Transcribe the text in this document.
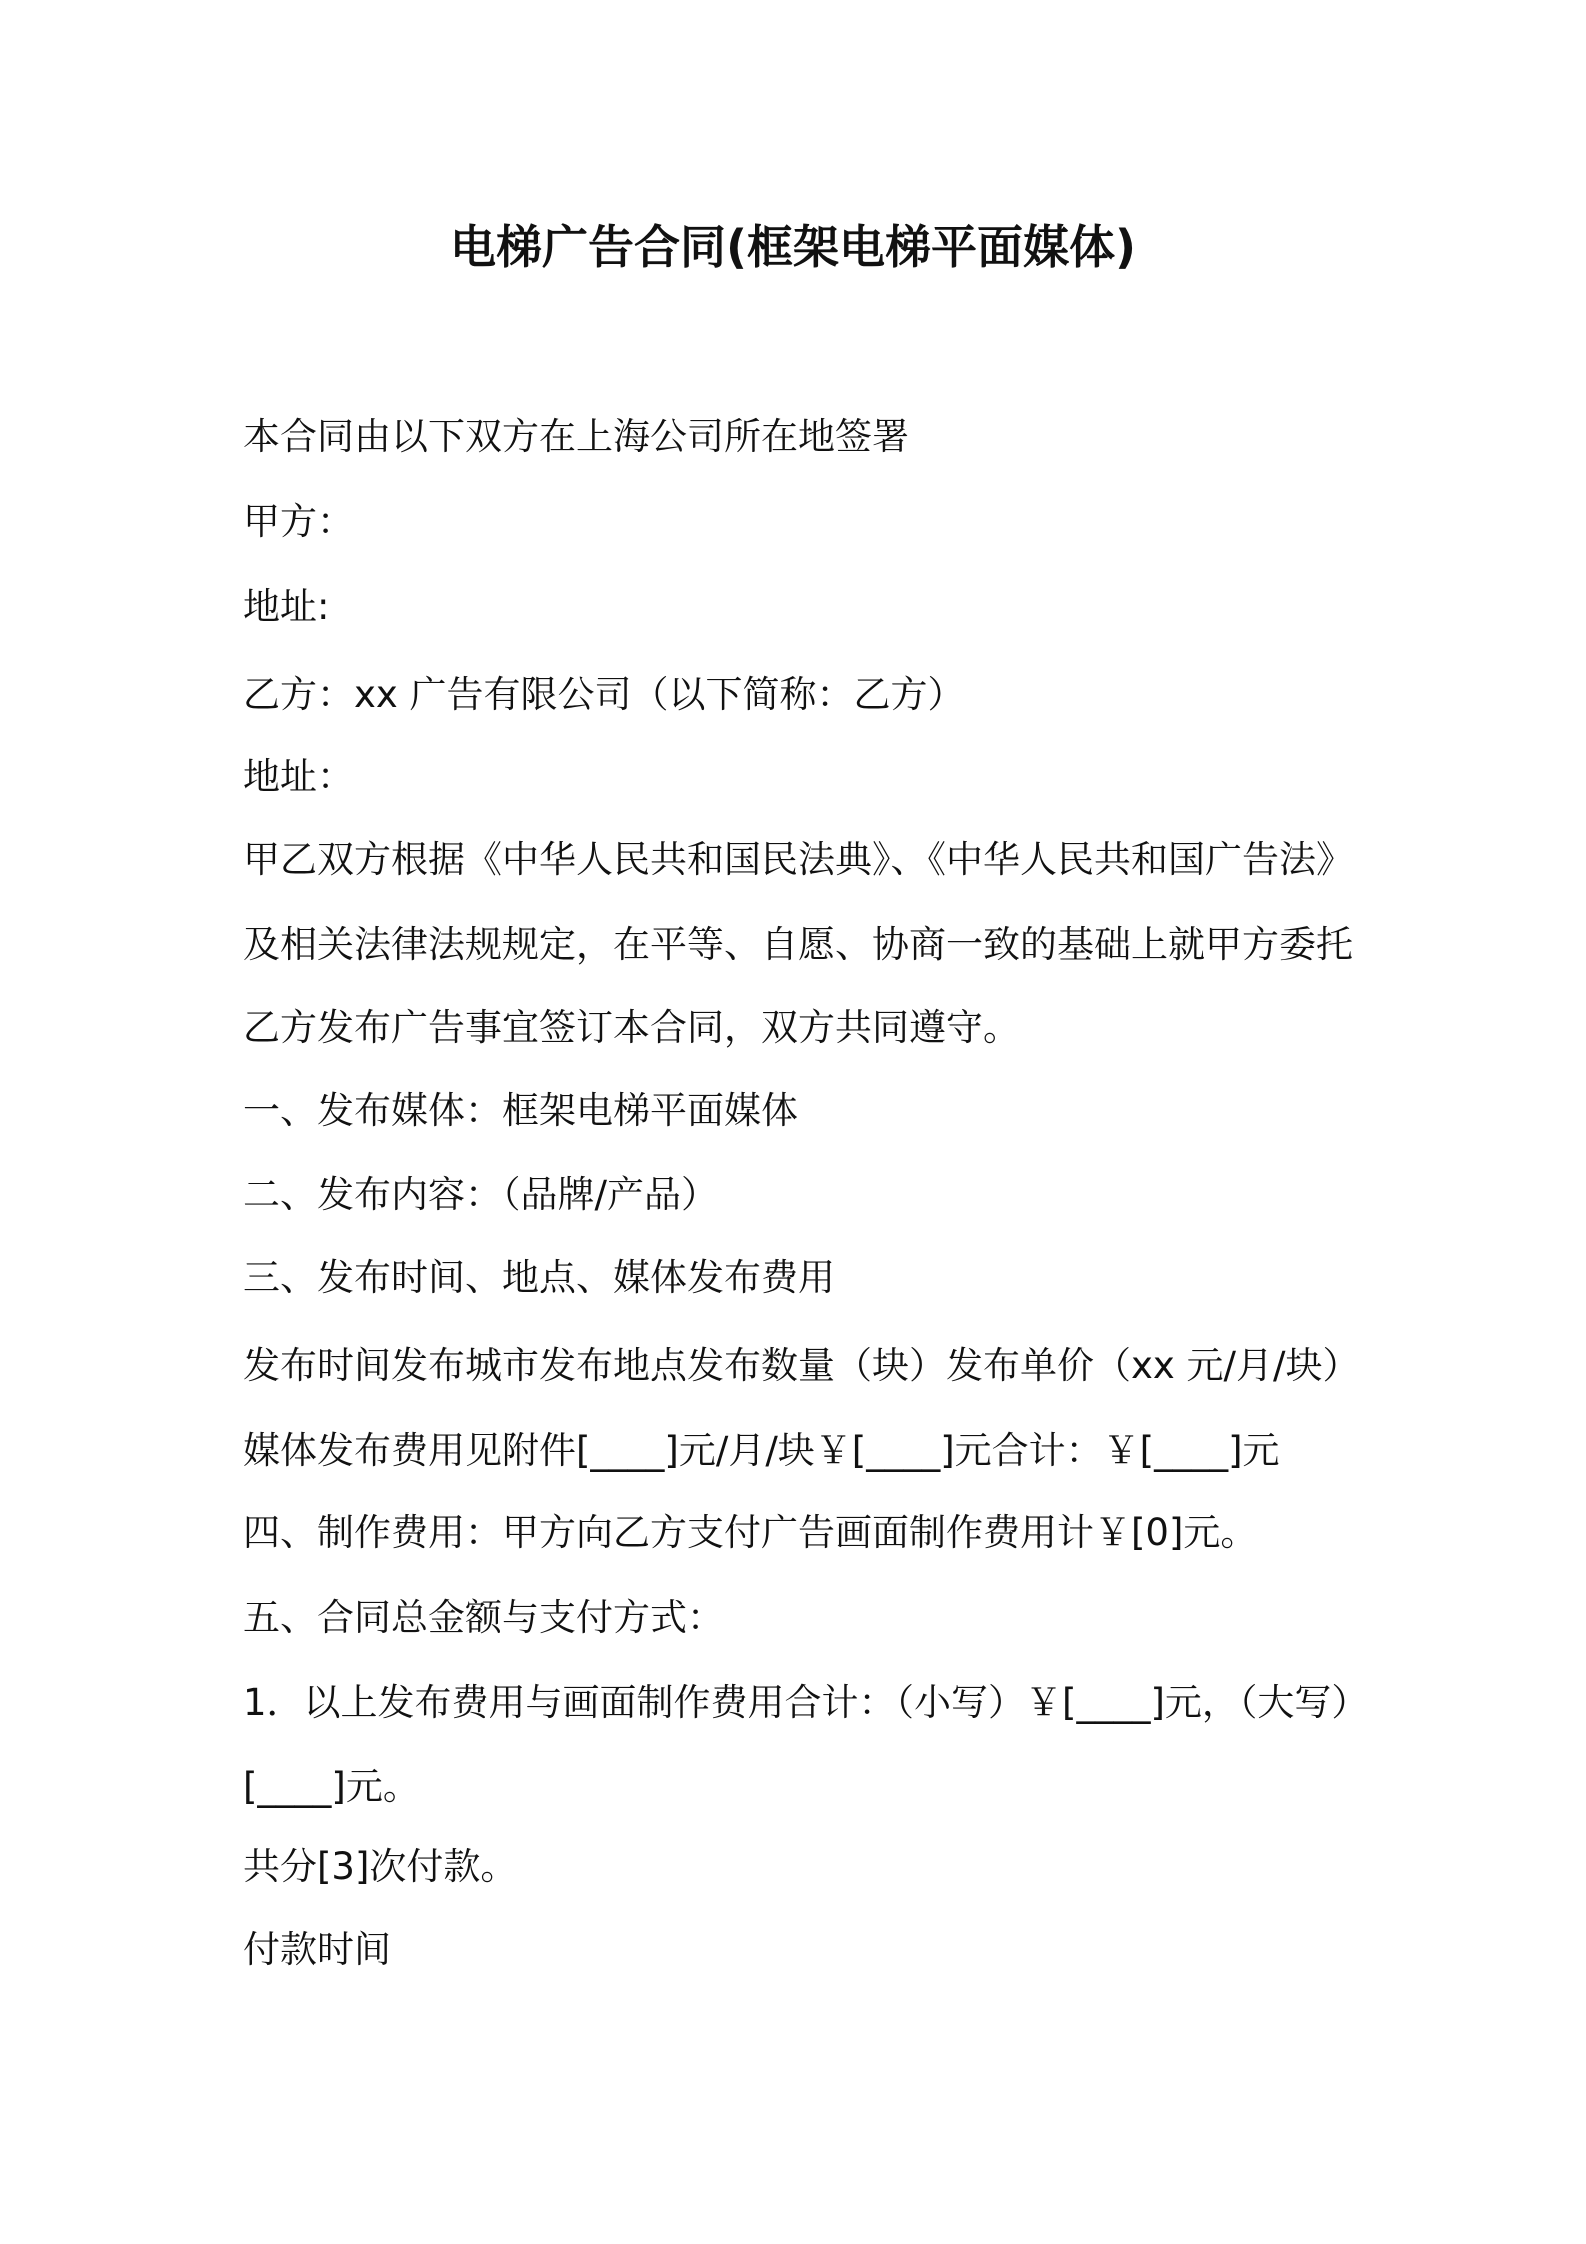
电梯广告合同(框架电梯平面媒体)
本合同由以下双方在上海公司所在地签署
甲方：
地址:
乙方：xx 广告有限公司（以下简称：乙方）
地址：
甲乙双方根据《中华人民共和国民法典》、《中华人民共和国广告法》
及相关法律法规规定，在平等、自愿、协商一致的基础上就甲方委托
乙方发布广告事宜签订本合同，双方共同遵守。
一、发布媒体：框架电梯平面媒体
二、发布内容：（品牌/产品）
三、发布时间、地点、媒体发布费用
发布时间发布城市发布地点发布数量（块）发布单价（xx 元/月/块）
媒体发布费用见附件[____]元/月/块￥[____]元合计：￥[____]元
四、制作费用：甲方向乙方支付广告画面制作费用计￥[0]元。
五、合同总金额与支付方式：
1．以上发布费用与画面制作费用合计：（小写）￥[____]元，（大写）
[____]元。
共分[3]次付款。
付款时间
